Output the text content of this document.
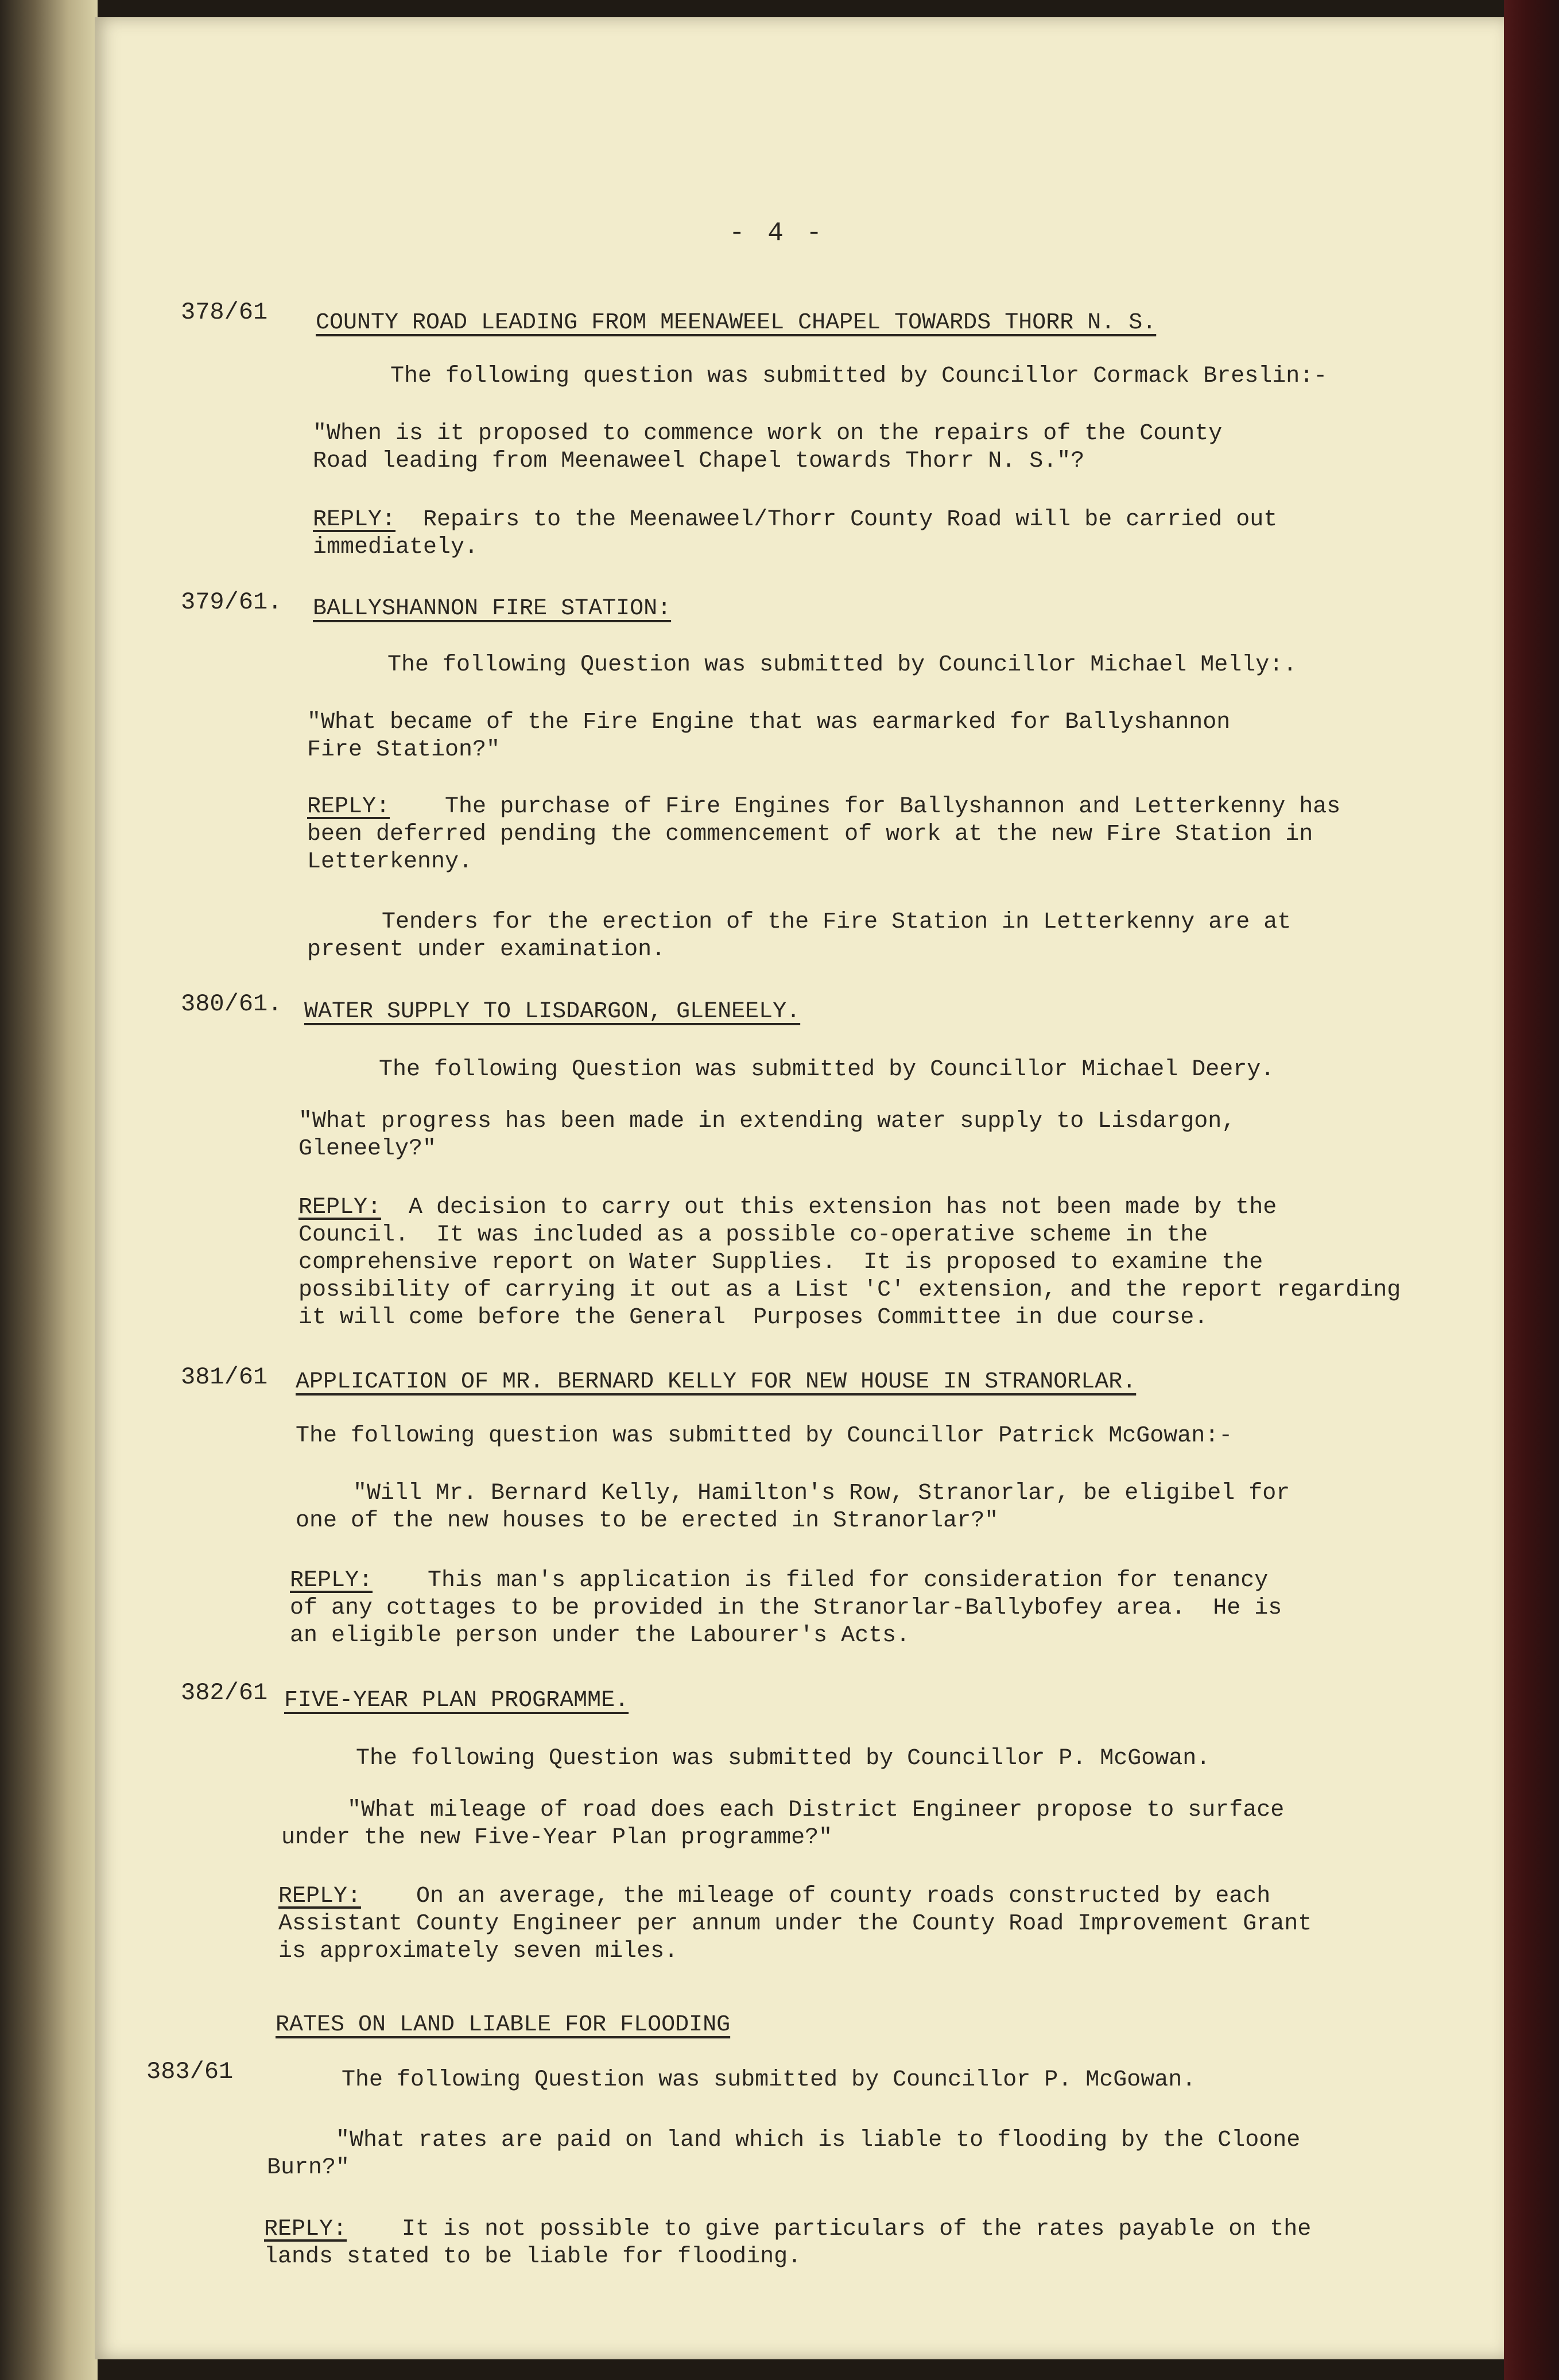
- 4 -
378/61 COUNTY ROAD LEADING FROM MEENAWEEL CHAPEL TOWARDS THORR N. S.
The following question was submitted by Councillor Cormack Breslin:-
"When is it proposed to commence work on the repairs of the County
Road leading from Meenaweel Chapel towards Thorr N. S."?
REPLY:  Repairs to the Meenaweel/Thorr County Road will be carried out
immediately.
379/61. BALLYSHANNON FIRE STATION:
The following Question was submitted by Councillor Michael Melly:.
"What became of the Fire Engine that was earmarked for Ballyshannon
Fire Station?"
REPLY:    The purchase of Fire Engines for Ballyshannon and Letterkenny has
been deferred pending the commencement of work at the new Fire Station in
Letterkenny.
Tenders for the erection of the Fire Station in Letterkenny are at
present under examination.
380/61. WATER SUPPLY TO LISDARGON, GLENEELY.
The following Question was submitted by Councillor Michael Deery.
"What progress has been made in extending water supply to Lisdargon,
Gleneely?"
REPLY:  A decision to carry out this extension has not been made by the
Council.  It was included as a possible co-operative scheme in the
comprehensive report on Water Supplies.  It is proposed to examine the
possibility of carrying it out as a List 'C' extension, and the report regarding
it will come before the General  Purposes Committee in due course.
381/61 APPLICATION OF MR. BERNARD KELLY FOR NEW HOUSE IN STRANORLAR.
The following question was submitted by Councillor Patrick McGowan:-
"Will Mr. Bernard Kelly, Hamilton's Row, Stranorlar, be eligibel for
one of the new houses to be erected in Stranorlar?"
REPLY:    This man's application is filed for consideration for tenancy
of any cottages to be provided in the Stranorlar-Ballybofey area.  He is
an eligible person under the Labourer's Acts.
382/61 FIVE-YEAR PLAN PROGRAMME.
The following Question was submitted by Councillor P. McGowan.
"What mileage of road does each District Engineer propose to surface
under the new Five-Year Plan programme?"
REPLY:    On an average, the mileage of county roads constructed by each
Assistant County Engineer per annum under the County Road Improvement Grant
is approximately seven miles.
RATES ON LAND LIABLE FOR FLOODING
383/61	The following Question was submitted by Councillor P. McGowan.
"What rates are paid on land which is liable to flooding by the Cloone
Burn?"
REPLY:    It is not possible to give particulars of the rates payable on the
lands stated to be liable for flooding.
